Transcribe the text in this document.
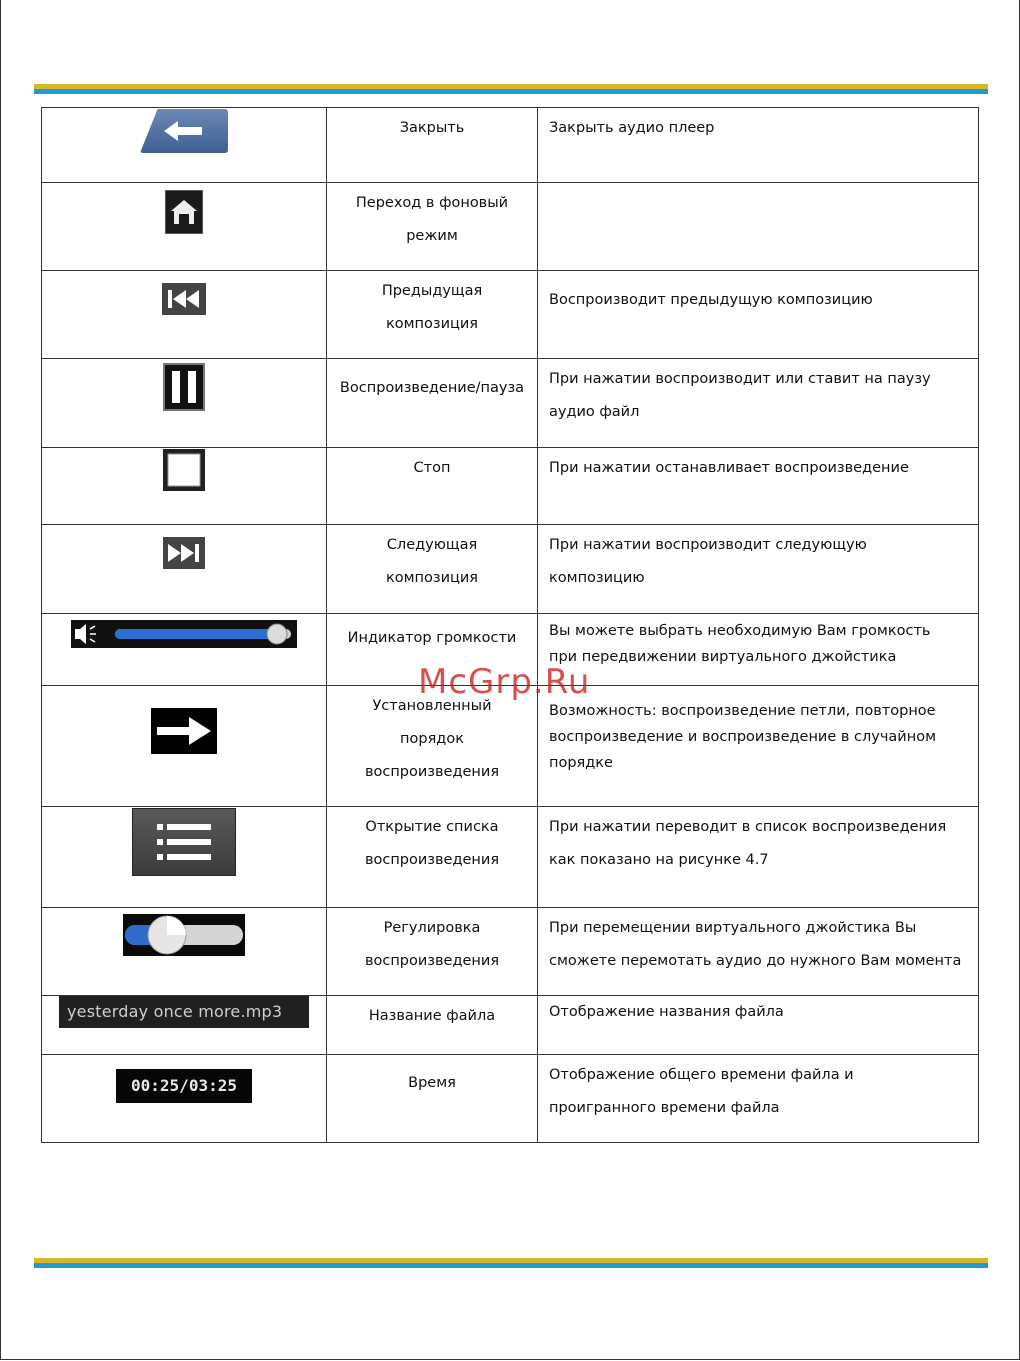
Закрыть	Закрыть аудио плеер

Переход в фоновый
режим	

Предыдущая
композиция	Воспроизводит предыдущую композицию

Воспроизведение/пауза	При нажатии воспроизводит или ставит на паузу
аудио файл

Стоп	При нажатии останавливает воспроизведение

Следующая
композиция	При нажатии воспроизводит следующую
композицию

Индикатор громкости	Вы можете выбрать необходимую Вам громкость
при передвижении виртуального джойстика

Установленный
порядок
воспроизведения	Возможность: воспроизведение петли, повторное
воспроизведение и воспроизведение в случайном
порядке

Открытие списка
воспроизведения	При нажатии переводит в список воспроизведения
как показано на рисунке 4.7

Регулировка
воспроизведения	При перемещении виртуального джойстика Вы
сможете перемотать аудио до нужного Вам момента

yesterday once more.mp3	Название файла	Отображение названия файла

00:25/03:25	Время	Отображение общего времени файла и
проигранного времени файла
McGrp.Ru
